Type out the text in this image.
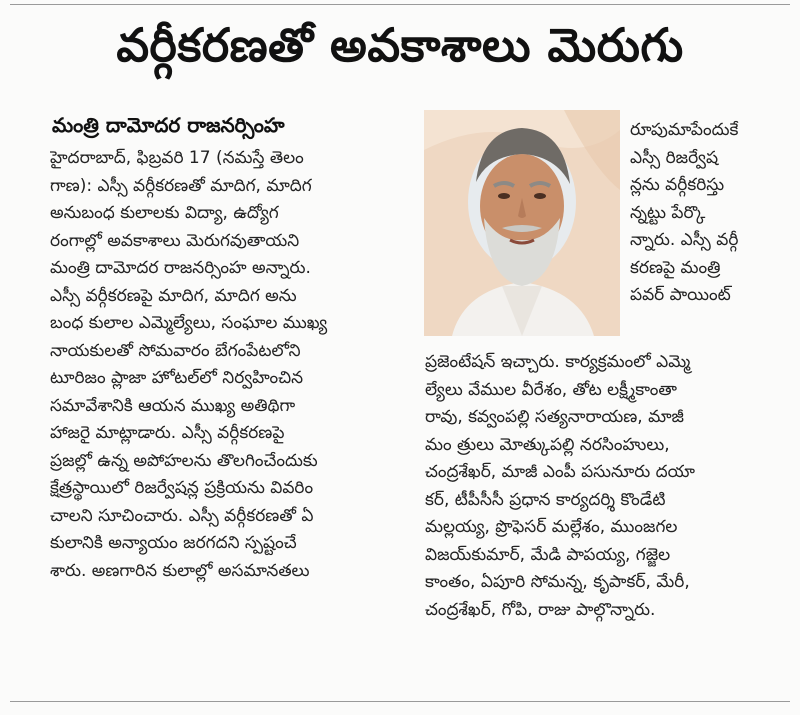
వర్గీకరణతో అవకాశాలు మెరుగు
మంత్రి దామోదర రాజనర్సింహ
హైదరాబాద్, ఫిబ్రవరి 17 (నమస్తే తెలం
గాణ): ఎస్సీ వర్గీకరణతో మాదిగ, మాదిగ
అనుబంధ కులాలకు విద్యా, ఉద్యోగ
రంగాల్లో అవకాశాలు మెరుగవుతాయని
మంత్రి దామోదర రాజనర్సింహ అన్నారు.
ఎస్సీ వర్గీకరణపై మాదిగ, మాదిగ అను
బంధ కులాల ఎమ్మెల్యేలు, సంఘాల ముఖ్య
నాయకులతో సోమవారం బేగంపేటలోని
టూరిజం ప్లాజా హోటల్‌లో నిర్వహించిన
సమావేశానికి ఆయన ముఖ్య అతిథిగా
హాజరై మాట్లాడారు. ఎస్సీ వర్గీకరణపై
ప్రజల్లో ఉన్న అపోహలను తొలగించేందుకు
క్షేత్రస్థాయిలో రిజర్వేషన్ల ప్రక్రియను వివరిం
చాలని సూచించారు. ఎస్సీ వర్గీకరణతో ఏ
కులానికి అన్యాయం జరగదని స్పష్టంచే
శారు. అణగారిన కులాల్లో అసమానతలు
రూపుమాపేందుకే
ఎస్సీ రిజర్వేష
న్లను వర్గీకరిస్తు
న్నట్టు పేర్కొ
న్నారు. ఎస్సీ వర్గీ
కరణపై మంత్రి
పవర్ పాయింట్
ప్రజెంటేషన్ ఇచ్చారు. కార్యక్రమంలో ఎమ్మె
ల్యేలు వేముల వీరేశం, తోట లక్ష్మీకాంతా
రావు, కవ్వంపల్లి సత్యనారాయణ, మాజీ
మం త్రులు మోత్కుపల్లి నరసింహులు,
చంద్రశేఖర్, మాజీ ఎంపీ పసునూరు దయా
కర్, టీపీసీసీ ప్రధాన కార్యదర్శి కొండేటి
మల్లయ్య, ప్రొఫెసర్ మల్లేశం, ముంజగల
విజయ్‌కుమార్, మేడి పాపయ్య, గజ్జెల
కాంతం, ఏపూరి సోమన్న, కృపాకర్, మేరీ,
చంద్రశేఖర్, గోపి, రాజు పాల్గొన్నారు.
